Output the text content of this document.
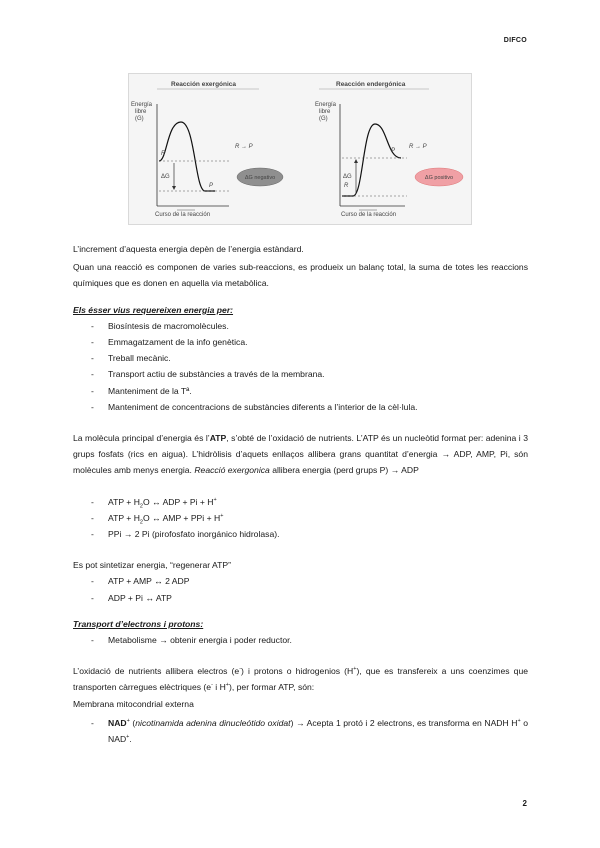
DIFCO
Reacción exergónica
Energía
libre
(G)
ΔG
R
P
Curso de la reacción
R → P
ΔG negativo
Reacción endergónica
Energía
libre
(G)
ΔG
R
P
Curso de la reacción
R → P
ΔG positivo

L’increment d’aquesta energia depèn de l’energia estàndard.

Quan una reacció es componen de varies sub-reaccions, es produeix un balanç total, la suma de totes les reaccions químiques que es donen en aquella via metabòlica.

Els ésser vius requereixen energia per:

- Biosíntesis de macromolècules.
- Emmagatzament de la info genètica.
- Treball mecànic.
- Transport actiu de substàncies a través de la membrana.
- Manteniment de la Tª.
- Manteniment de concentracions de substàncies diferents a l’interior de la cèl·lula.

La molècula principal d’energia és l’ATP, s’obté de l’oxidació de nutrients. L’ATP és un nucleòtid format per: adenina i 3 grups fosfats (rics en aigua). L’hidròlisis d’aquets enllaços allibera grans quantitat d’energia → ADP, AMP, Pi, són molècules amb menys energia. Reacció exergonica allibera energia (perd grups P) → ADP

- ATP + $H_2O$ ↔ ADP + Pi + H+
- ATP + $H_2O$ ↔ AMP + PPi + H+
- PPi → 2 Pi (pirofosfato inorgánico hidrolasa).

Es pot sintetizar energia, “regenerar ATP”

- ATP + AMP ↔ 2 ADP
- ADP + Pi ↔ ATP

Transport d’electrons i protons:

- Metabolisme → obtenir energia i poder reductor.

L’oxidació de nutrients allibera electros (e-) i protons o hidrogenios (H+), que es transfereix a uns coenzimes que transporten càrregues elèctriques (e- i H+), per formar ATP, són:

Membrana mitocondrial externa

- NAD+ (nicotinamida adenina dinucleótido oxidat) → Acepta 1 protó i 2 electrons, es transforma en NADH H+ o NAD+.
2
